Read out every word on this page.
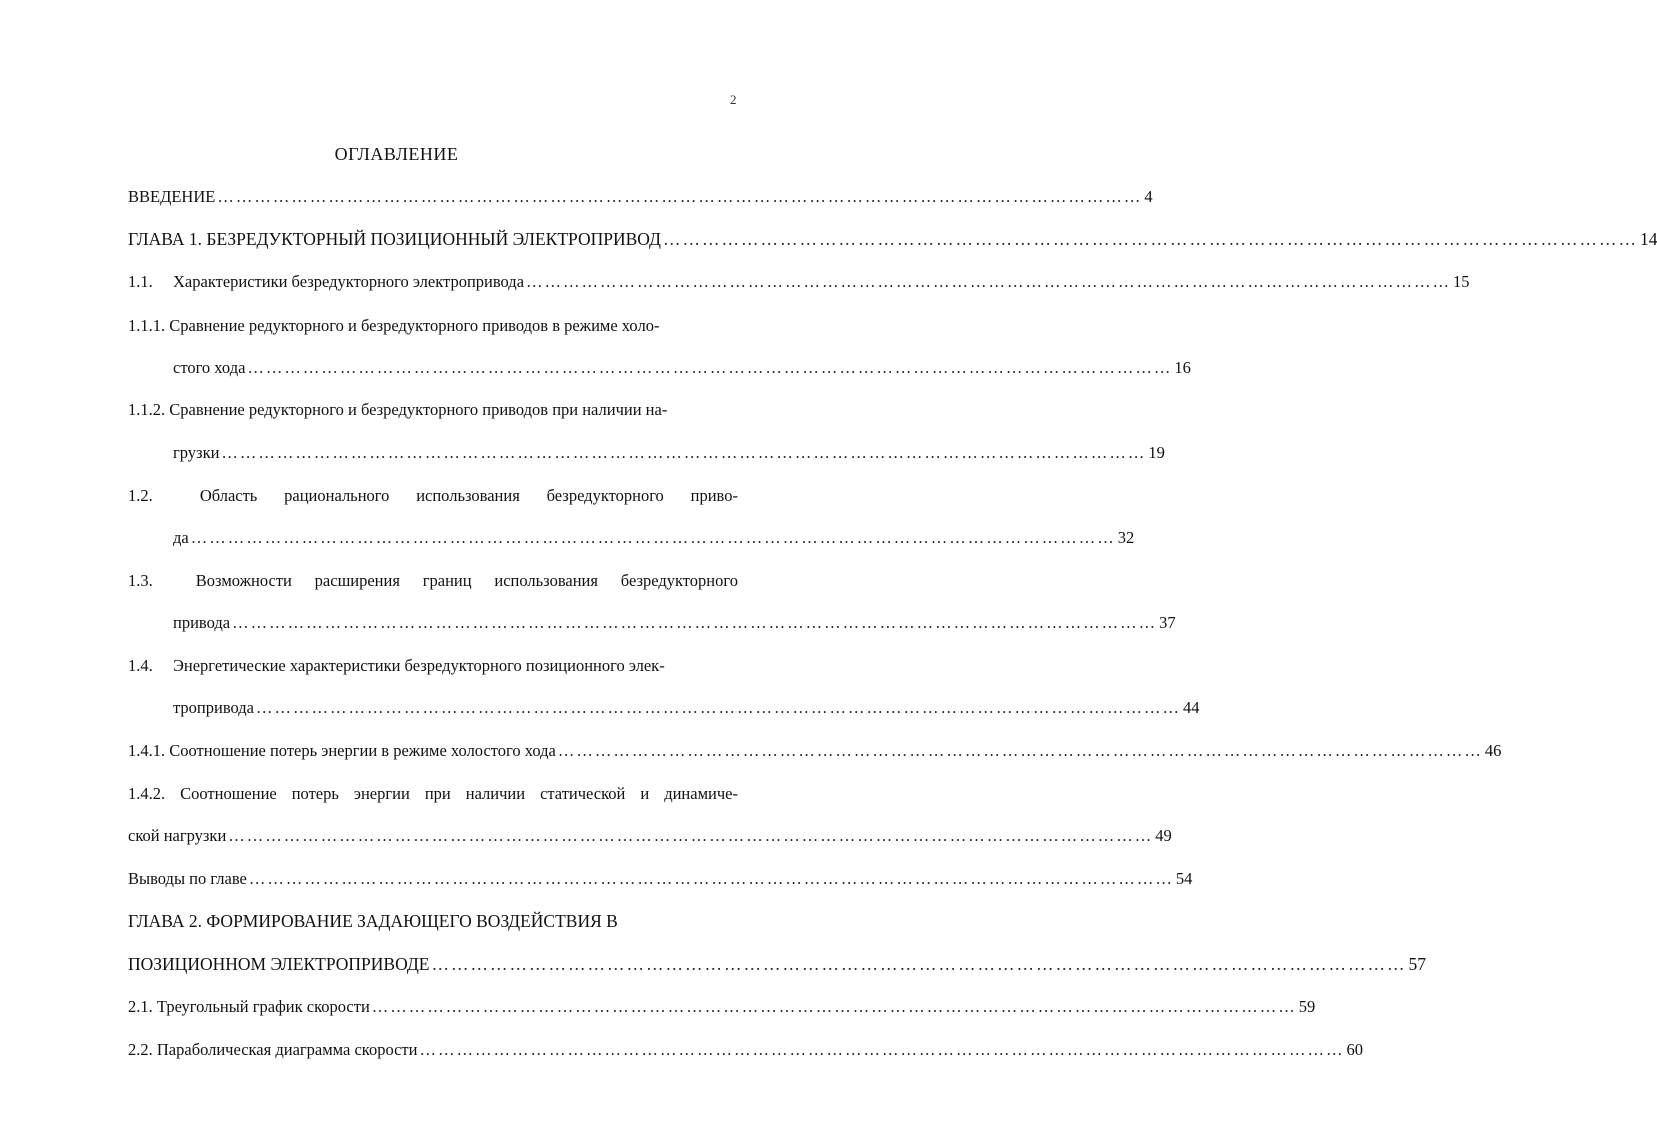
2
ОГЛАВЛЕНИЕ
ВВЕДЕНИЕ …………………………………………………………………………………………………………………………………… 4
ГЛАВА 1. БЕЗРЕДУКТОРНЫЙ ПОЗИЦИОННЫЙ ЭЛЕКТРОПРИВОД …………………………………………………………………………………………………………………………………… 14
1.1. Характеристики безредукторного электропривода …………………………………………………………………………………………………………………………………… 15
1.1.1. Сравнение редукторного и безредукторного приводов в режиме холо-
стого хода …………………………………………………………………………………………………………………………………… 16
1.1.2. Сравнение редукторного и безредукторного приводов при наличии на-
грузки …………………………………………………………………………………………………………………………………… 19
1.2.	Область рационального использования безредукторного приво-
да …………………………………………………………………………………………………………………………………… 32
1.3.	Возможности расширения границ использования безредукторного
привода …………………………………………………………………………………………………………………………………… 37
1.4. Энергетические характеристики безредукторного позиционного элек-
тропривода …………………………………………………………………………………………………………………………………… 44
1.4.1. Соотношение потерь энергии в режиме холостого хода …………………………………………………………………………………………………………………………………… 46
1.4.2. Соотношение потерь энергии при наличии статической и динамиче-
ской нагрузки …………………………………………………………………………………………………………………………………… 49
Выводы по главе …………………………………………………………………………………………………………………………………… 54
ГЛАВА 2. ФОРМИРОВАНИЕ ЗАДАЮЩЕГО ВОЗДЕЙСТВИЯ В
ПОЗИЦИОННОМ ЭЛЕКТРОПРИВОДЕ …………………………………………………………………………………………………………………………………… 57
2.1. Треугольный график скорости …………………………………………………………………………………………………………………………………… 59
2.2. Параболическая диаграмма скорости …………………………………………………………………………………………………………………………………… 60
